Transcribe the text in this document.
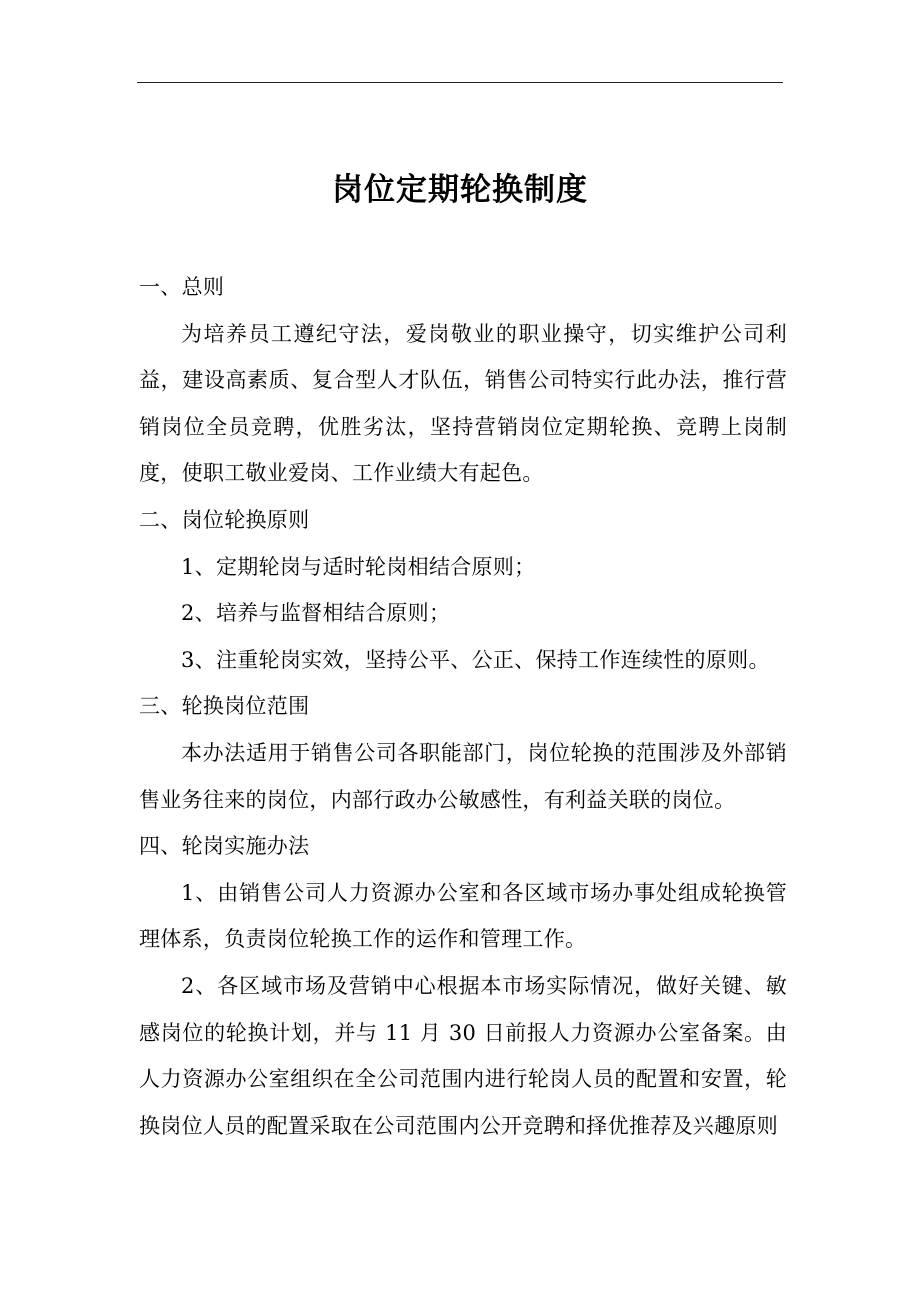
岗位定期轮换制度

一、总则

为培养员工遵纪守法，爱岗敬业的职业操守，切实维护公司利益，建设高素质、复合型人才队伍，销售公司特实行此办法，推行营销岗位全员竞聘，优胜劣汰，坚持营销岗位定期轮换、竞聘上岗制度，使职工敬业爱岗、工作业绩大有起色。

二、岗位轮换原则

1、定期轮岗与适时轮岗相结合原则；

2、培养与监督相结合原则；

3、注重轮岗实效，坚持公平、公正、保持工作连续性的原则。

三、轮换岗位范围

本办法适用于销售公司各职能部门，岗位轮换的范围涉及外部销售业务往来的岗位，内部行政办公敏感性，有利益关联的岗位。

四、轮岗实施办法

1、由销售公司人力资源办公室和各区域市场办事处组成轮换管理体系，负责岗位轮换工作的运作和管理工作。

2、各区域市场及营销中心根据本市场实际情况，做好关键、敏感岗位的轮换计划，并与 11 月 30 日前报人力资源办公室备案。由人力资源办公室组织在全公司范围内进行轮岗人员的配置和安置，轮换岗位人员的配置采取在公司范围内公开竞聘和择优推荐及兴趣原则
